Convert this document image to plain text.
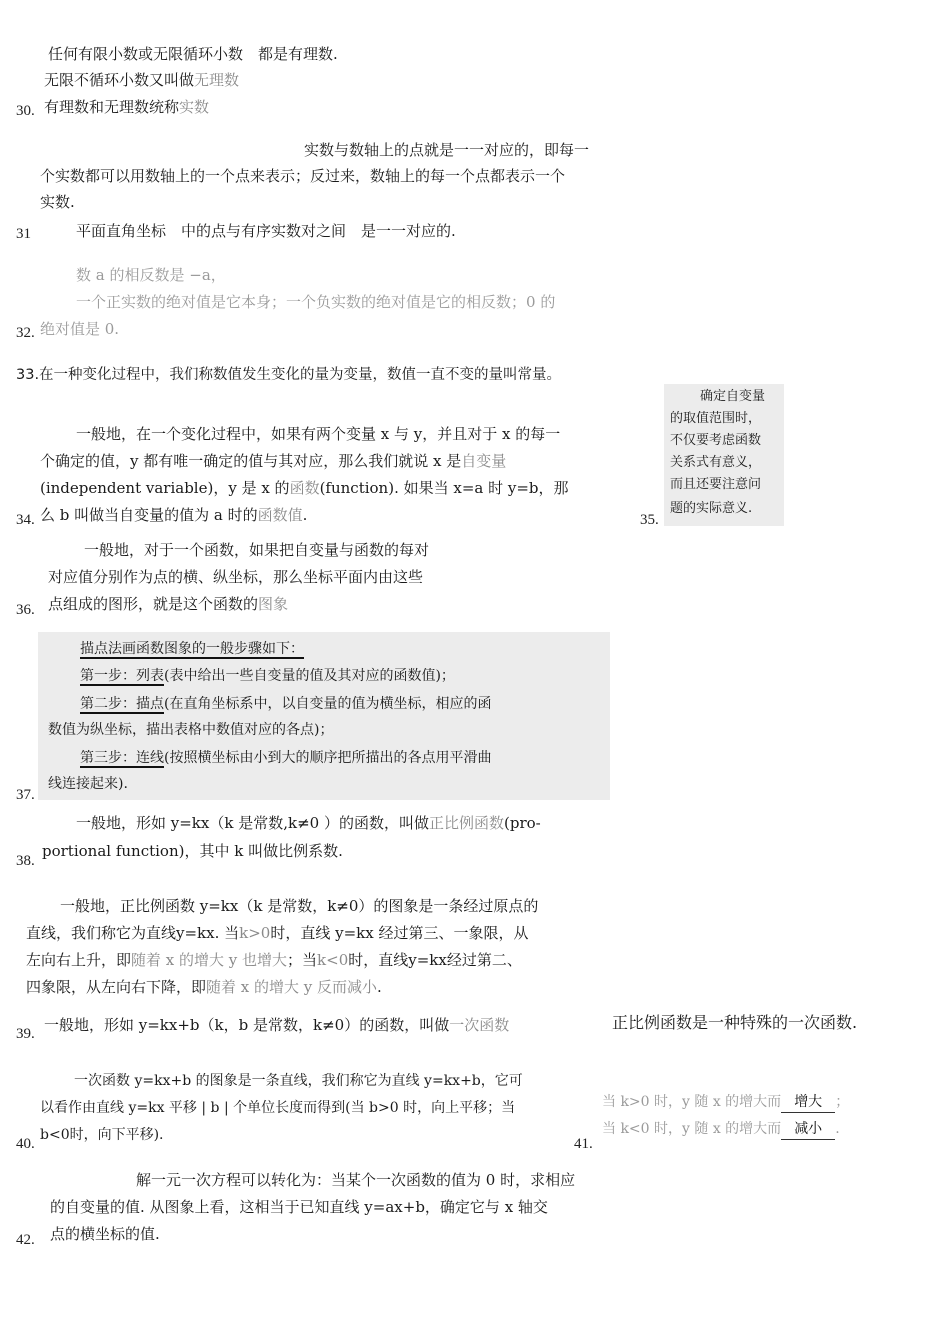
任何有限小数或无限循环小数　都是有理数.
无限不循环小数又叫做无理数
30. 有理数和无理数统称实数
实数与数轴上的点就是一一对应的，即每一
个实数都可以用数轴上的一个点来表示；反过来，数轴上的每一个点都表示一个
实数.
31	平面直角坐标　中的点与有序实数对之间　是一一对应的.
数 a 的相反数是 −a，
一个正实数的绝对值是它本身；一个负实数的绝对值是它的相反数；0 的
32. 绝对值是 0.
33.在一种变化过程中，我们称数值发生变化的量为变量，数值一直不变的量叫常量。
一般地，在一个变化过程中，如果有两个变量 x 与 y，并且对于 x 的每一
个确定的值，y 都有唯一确定的值与其对应，那么我们就说 x 是自变量
(independent variable)，y 是 x 的函数(function). 如果当 x=a 时 y=b，那
34. 么 b 叫做当自变量的值为 a 时的函数值.
确定自变量
的取值范围时，
不仅要考虑函数
关系式有意义，
而且还要注意问
题的实际意义.
35.
一般地，对于一个函数，如果把自变量与函数的每对
对应值分别作为点的横、纵坐标，那么坐标平面内由这些
36. 点组成的图形，就是这个函数的图象
描点法画函数图象的一般步骤如下：
第一步：列表(表中给出一些自变量的值及其对应的函数值)；
第二步：描点(在直角坐标系中，以自变量的值为横坐标，相应的函
数值为纵坐标，描出表格中数值对应的各点)；
第三步：连线(按照横坐标由小到大的顺序把所描出的各点用平滑曲
37.
线连接起来).
一般地，形如 y=kx（k 是常数,k≠0 ）的函数，叫做正比例函数(pro-
38.
portional function)，其中 k 叫做比例系数.
一般地，正比例函数 y=kx（k 是常数，k≠0）的图象是一条经过原点的
直线，我们称它为直线y=kx. 当k>0时，直线 y=kx 经过第三、一象限，从
左向右上升，即随着 x 的增大 y 也增大；当k<0时，直线y=kx经过第二、
四象限，从左向右下降，即随着 x 的增大 y 反而减小.
39. 一般地，形如 y=kx+b（k，b 是常数，k≠0）的函数，叫做一次函数	正比例函数是一种特殊的一次函数.
一次函数 y=kx+b 的图象是一条直线，我们称它为直线 y=kx+b，它可
以看作由直线 y=kx 平移 | b | 个单位长度而得到(当 b>0 时，向上平移；当
40.
b<0时，向下平移).
当 k>0 时，y 随 x 的增大而 增大 ；
当 k<0 时，y 随 x 的增大而 减小 .
41.
解一元一次方程可以转化为：当某个一次函数的值为 0 时，求相应
的自变量的值. 从图象上看，这相当于已知直线 y=ax+b，确定它与 x 轴交
42. 点的横坐标的值.
